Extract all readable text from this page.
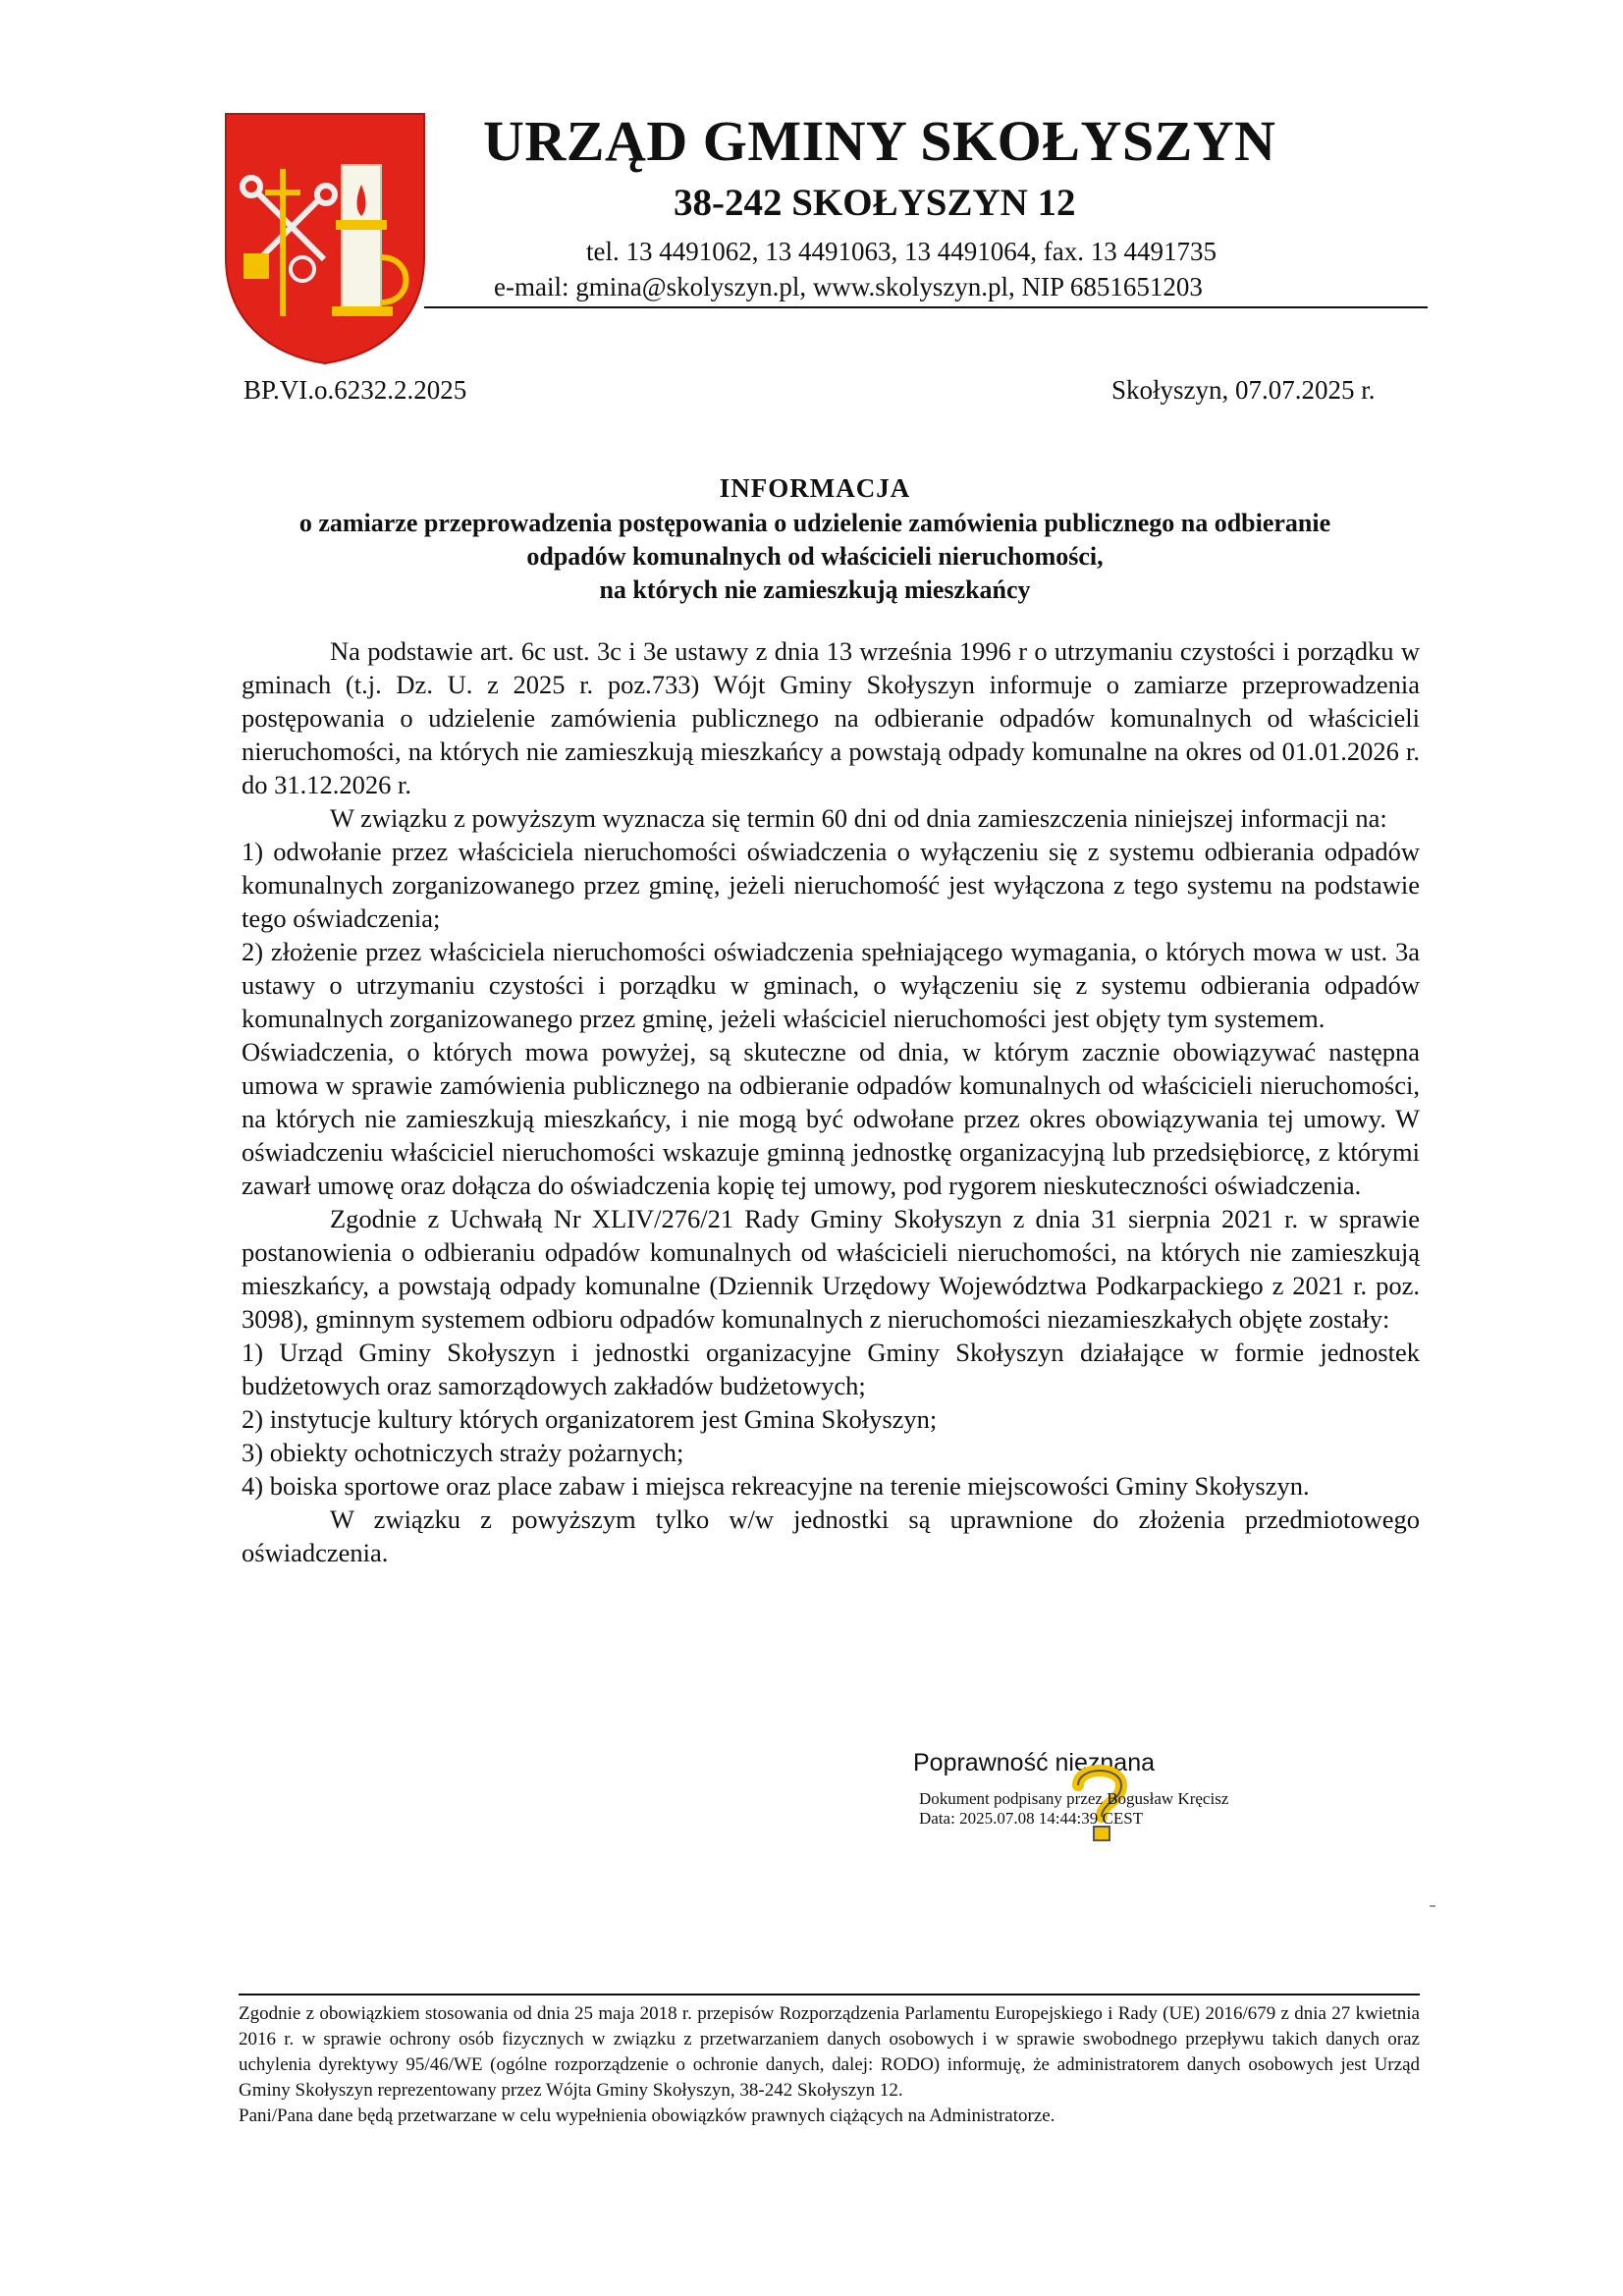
URZĄD GMINY SKOŁYSZYN
38-242 SKOŁYSZYN 12
tel. 13 4491062, 13 4491063, 13 4491064, fax. 13 4491735
e-mail: gmina@skolyszyn.pl, www.skolyszyn.pl, NIP 6851651203
BP.VI.o.6232.2.2025	Skołyszyn, 07.07.2025 r.
INFORMACJA
o zamiarze przeprowadzenia postępowania o udzielenie zamówienia publicznego na odbieranie
odpadów komunalnych od właścicieli nieruchomości,
na których nie zamieszkują mieszkańcy

Na podstawie art. 6c ust. 3c i 3e ustawy z dnia 13 września 1996 r o utrzymaniu czystości i porządku w gminach (t.j. Dz. U. z 2025 r. poz.733) Wójt Gminy Skołyszyn informuje o zamiarze przeprowadzenia postępowania o udzielenie zamówienia publicznego na odbieranie odpadów komunalnych od właścicieli nieruchomości, na których nie zamieszkują mieszkańcy a powstają odpady komunalne na okres od 01.01.2026 r. do 31.12.2026 r.

W związku z powyższym wyznacza się termin 60 dni od dnia zamieszczenia niniejszej informacji na:

1) odwołanie przez właściciela nieruchomości oświadczenia o wyłączeniu się z systemu odbierania odpadów komunalnych zorganizowanego przez gminę, jeżeli nieruchomość jest wyłączona z tego systemu na podstawie tego oświadczenia;

2) złożenie przez właściciela nieruchomości oświadczenia spełniającego wymagania, o których mowa w ust. 3a ustawy o utrzymaniu czystości i porządku w gminach, o wyłączeniu się z systemu odbierania odpadów komunalnych zorganizowanego przez gminę, jeżeli właściciel nieruchomości jest objęty tym systemem.

Oświadczenia, o których mowa powyżej, są skuteczne od dnia, w którym zacznie obowiązywać następna umowa w sprawie zamówienia publicznego na odbieranie odpadów komunalnych od właścicieli nieruchomości, na których nie zamieszkują mieszkańcy, i nie mogą być odwołane przez okres obowiązywania tej umowy. W oświadczeniu właściciel nieruchomości wskazuje gminną jednostkę organizacyjną lub przedsiębiorcę, z którymi zawarł umowę oraz dołącza do oświadczenia kopię tej umowy, pod rygorem nieskuteczności oświadczenia.

Zgodnie z Uchwałą Nr XLIV/276/21 Rady Gminy Skołyszyn z dnia 31 sierpnia 2021 r. w sprawie postanowienia o odbieraniu odpadów komunalnych od właścicieli nieruchomości, na których nie zamieszkują mieszkańcy, a powstają odpady komunalne (Dziennik Urzędowy Województwa Podkarpackiego z 2021 r. poz. 3098), gminnym systemem odbioru odpadów komunalnych z nieruchomości niezamieszkałych objęte zostały:

1) Urząd Gminy Skołyszyn i jednostki organizacyjne Gminy Skołyszyn działające w formie jednostek budżetowych oraz samorządowych zakładów budżetowych;

2) instytucje kultury których organizatorem jest Gmina Skołyszyn;

3) obiekty ochotniczych straży pożarnych;

4) boiska sportowe oraz place zabaw i miejsca rekreacyjne na terenie miejscowości Gminy Skołyszyn.

W związku z powyższym tylko w/w jednostki są uprawnione do złożenia przedmiotowego oświadczenia.

Poprawność nieznana
Dokument podpisany przez Bogusław Kręcisz
Data: 2025.07.08 14:44:39 CEST

Zgodnie z obowiązkiem stosowania od dnia 25 maja 2018 r. przepisów Rozporządzenia Parlamentu Europejskiego i Rady (UE) 2016/679 z dnia 27 kwietnia 2016 r. w sprawie ochrony osób fizycznych w związku z przetwarzaniem danych osobowych i w sprawie swobodnego przepływu takich danych oraz uchylenia dyrektywy 95/46/WE (ogólne rozporządzenie o ochronie danych, dalej: RODO) informuję, że administratorem danych osobowych jest Urząd Gminy Skołyszyn reprezentowany przez Wójta Gminy Skołyszyn, 38-242 Skołyszyn 12.

Pani/Pana dane będą przetwarzane w celu wypełnienia obowiązków prawnych ciążących na Administratorze.
